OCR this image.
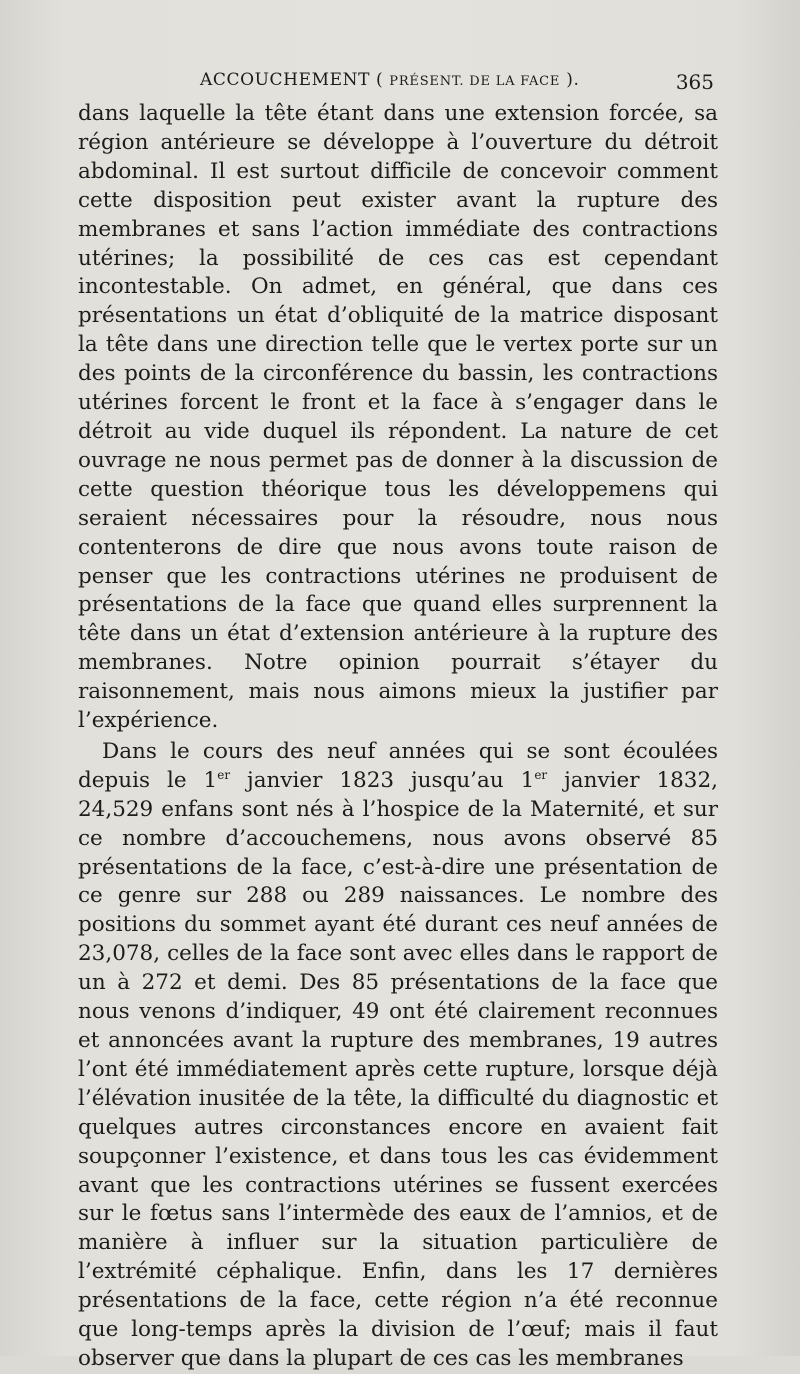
ACCOUCHEMENT ( PRÉSENT. DE LA FACE ).	365

dans laquelle la tête étant dans une extension forcée, sa région antérieure se développe à l’ouverture du détroit abdominal. Il est surtout difficile de concevoir comment cette disposition peut exister avant la rupture des membranes et sans l’action immédiate des contractions utérines; la possibilité de ces cas est cependant incontestable. On admet, en général, que dans ces présentations un état d’obliquité de la matrice disposant la tête dans une direction telle que le vertex porte sur un des points de la circonférence du bassin, les contractions utérines forcent le front et la face à s’engager dans le détroit au vide duquel ils répondent. La nature de cet ouvrage ne nous permet pas de donner à la discussion de cette question théorique tous les développemens qui seraient nécessaires pour la résoudre, nous nous contenterons de dire que nous avons toute raison de penser que les contractions utérines ne produisent de présentations de la face que quand elles surprennent la tête dans un état d’extension antérieure à la rupture des membranes. Notre opinion pourrait s’étayer du raisonnement, mais nous aimons mieux la justifier par l’expérience.

Dans le cours des neuf années qui se sont écoulées depuis le 1er janvier 1823 jusqu’au 1er janvier 1832, 24,529 enfans sont nés à l’hospice de la Maternité, et sur ce nombre d’accouchemens, nous avons observé 85 présentations de la face, c’est-à-dire une présentation de ce genre sur 288 ou 289 naissances. Le nombre des positions du sommet ayant été durant ces neuf années de 23,078, celles de la face sont avec elles dans le rapport de un à 272 et demi. Des 85 présentations de la face que nous venons d’indiquer, 49 ont été clairement reconnues et annoncées avant la rupture des membranes, 19 autres l’ont été immédiatement après cette rupture, lorsque déjà l’élévation inusitée de la tête, la difficulté du diagnostic et quelques autres circonstances encore en avaient fait soupçonner l’existence, et dans tous les cas évidemment avant que les contractions utérines se fussent exercées sur le fœtus sans l’intermède des eaux de l’amnios, et de manière à influer sur la situation particulière de l’extrémité céphalique. Enfin, dans les 17 dernières présentations de la face, cette région n’a été reconnue que long-temps après la division de l’œuf; mais il faut observer que dans la plupart de ces cas les membranes
